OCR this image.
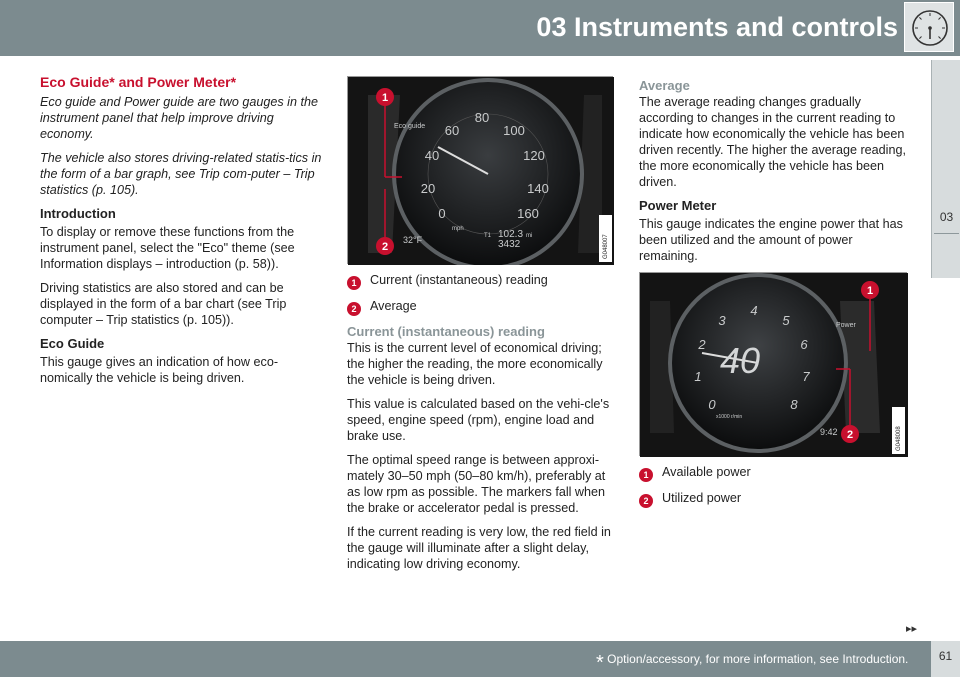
03 Instruments and controls
03
Eco Guide* and Power Meter*

Eco guide and Power guide are two gauges in the instrument panel that help improve driving economy.

The vehicle also stores driving-related statis-tics in the form of a bar graph, see Trip com-puter – Trip statistics (p. 105).

Introduction

To display or remove these functions from the instrument panel, select the "Eco" theme (see Information displays – introduction (p. 58)).

Driving statistics are also stored and can be displayed in the form of a bar chart (see Trip computer – Trip statistics (p. 105)).

Eco Guide

This gauge gives an indication of how eco-nomically the vehicle is being driven.

0
20
40
60
80
100
120
140
160
Eco guide
mph
32°F	T1 102.3 mi
3432
1
2	G048007
1	Current (instantaneous) reading
2	Average
Current (instantaneous) reading

This is the current level of economical driving; the higher the reading, the more economically the vehicle is being driven.

This value is calculated based on the vehi-cle's speed, engine speed (rpm), engine load and brake use.

The optimal speed range is between approxi-mately 30–50 mph (50–80 km/h), preferably at as low rpm as possible. The markers fall when the brake or accelerator pedal is pressed.

If the current reading is very low, the red field in the gauge will illuminate after a slight delay, indicating low driving economy.

Average

The average reading changes gradually according to changes in the current reading to indicate how economically the vehicle has been driven recently. The higher the average reading, the more economically the vehicle has been driven.

Power Meter

This gauge indicates the engine power that has been utilized and the amount of power remaining.

0
1
2
3
4
5
6
7
8
40
x1000 r/min
Power
9:42
1
2	G048008
1	Available power
2	Utilized power
▸▸
* Option/accessory, for more information, see Introduction.	61
